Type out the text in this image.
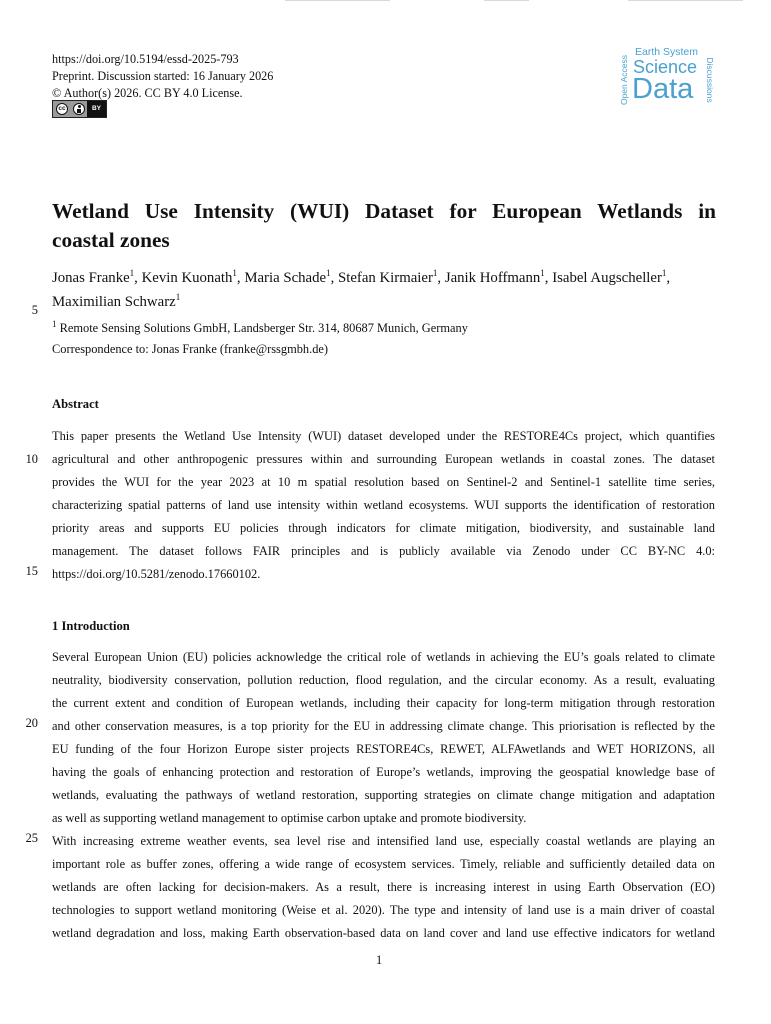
https://doi.org/10.5194/essd-2025-793
Preprint. Discussion started: 16 January 2026
© Author(s) 2026. CC BY 4.0 License.
cc	BY
Open Access
Earth System
Science
Data Discussions
Wetland Use Intensity (WUI) Dataset for European Wetlands in
coastal zones
Jonas Franke$^1$, Kevin Kuonath$^1$, Maria Schade$^1$, Stefan Kirmaier$^1$, Janik Hoffmann$^1$, Isabel Augscheller$^1$,
Maximilian Schwarz$^1$
$^1$ Remote Sensing Solutions GmbH, Landsberger Str. 314, 80687 Munich, Germany
Correspondence to: Jonas Franke (franke@rssgmbh.de)
Abstract
This paper presents the Wetland Use Intensity (WUI) dataset developed under the RESTORE4Cs project, which quantifies
agricultural and other anthropogenic pressures within and surrounding European wetlands in coastal zones. The dataset
provides the WUI for the year 2023 at 10 m spatial resolution based on Sentinel-2 and Sentinel-1 satellite time series,
characterizing spatial patterns of land use intensity within wetland ecosystems. WUI supports the identification of restoration
priority areas and supports EU policies through indicators for climate mitigation, biodiversity, and sustainable land
management. The dataset follows FAIR principles and is publicly available via Zenodo under CC BY-NC 4.0:
https://doi.org/10.5281/zenodo.17660102.
1 Introduction
Several European Union (EU) policies acknowledge the critical role of wetlands in achieving the EU’s goals related to climate
neutrality, biodiversity conservation, pollution reduction, flood regulation, and the circular economy. As a result, evaluating
the current extent and condition of European wetlands, including their capacity for long-term mitigation through restoration
and other conservation measures, is a top priority for the EU in addressing climate change. This priorisation is reflected by the
EU funding of the four Horizon Europe sister projects RESTORE4Cs, REWET, ALFAwetlands and WET HORIZONS, all
having the goals of enhancing protection and restoration of Europe’s wetlands, improving the geospatial knowledge base of
wetlands, evaluating the pathways of wetland restoration, supporting strategies on climate change mitigation and adaptation
as well as supporting wetland management to optimise carbon uptake and promote biodiversity.
With increasing extreme weather events, sea level rise and intensified land use, especially coastal wetlands are playing an
important role as buffer zones, offering a wide range of ecosystem services. Timely, reliable and sufficiently detailed data on
wetlands are often lacking for decision-makers. As a result, there is increasing interest in using Earth Observation (EO)
technologies to support wetland monitoring (Weise et al. 2020). The type and intensity of land use is a main driver of coastal
wetland degradation and loss, making Earth observation-based data on land cover and land use effective indicators for wetland
5
10
15
20
25
1
